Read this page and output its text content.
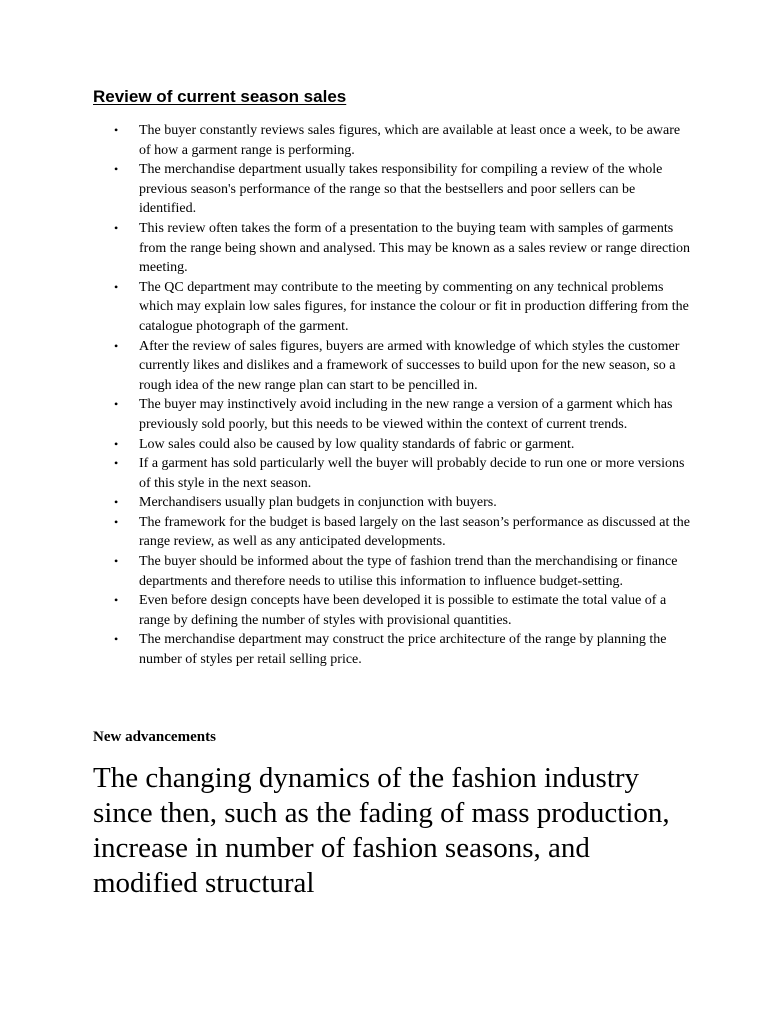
Review of current season sales
• The buyer constantly reviews sales figures, which are available at least once a week, to be aware of how a garment range is performing.
• The merchandise department usually takes responsibility for compiling a review of the whole previous season's performance of the range so that the bestsellers and poor sellers can be identified.
• This review often takes the form of a presentation to the buying team with samples of garments from the range being shown and analysed. This may be known as a sales review or range direction meeting.
• The QC department may contribute to the meeting by commenting on any technical problems which may explain low sales figures, for instance the colour or fit in production differing from the catalogue photograph of the garment.
• After the review of sales figures, buyers are armed with knowledge of which styles the customer currently likes and dislikes and a framework of successes to build upon for the new season, so a rough idea of the new range plan can start to be pencilled in.
• The buyer may instinctively avoid including in the new range a version of a garment which has previously sold poorly, but this needs to be viewed within the context of current trends.
• Low sales could also be caused by low quality standards of fabric or garment.
• If a garment has sold particularly well the buyer will probably decide to run one or more versions of this style in the next season.
• Merchandisers usually plan budgets in conjunction with buyers.
• The framework for the budget is based largely on the last season’s performance as discussed at the range review, as well as any anticipated developments.
• The buyer should be informed about the type of fashion trend than the merchandising or finance departments and therefore needs to utilise this information to influence budget-setting.
• Even before design concepts have been developed it is possible to estimate the total value of a range by defining the number of styles with provisional quantities.
• The merchandise department may construct the price architecture of the range by planning the number of styles per retail selling price.
New advancements

The changing dynamics of the fashion industry since then, such as the fading of mass production, increase in number of fashion seasons, and modified structural
